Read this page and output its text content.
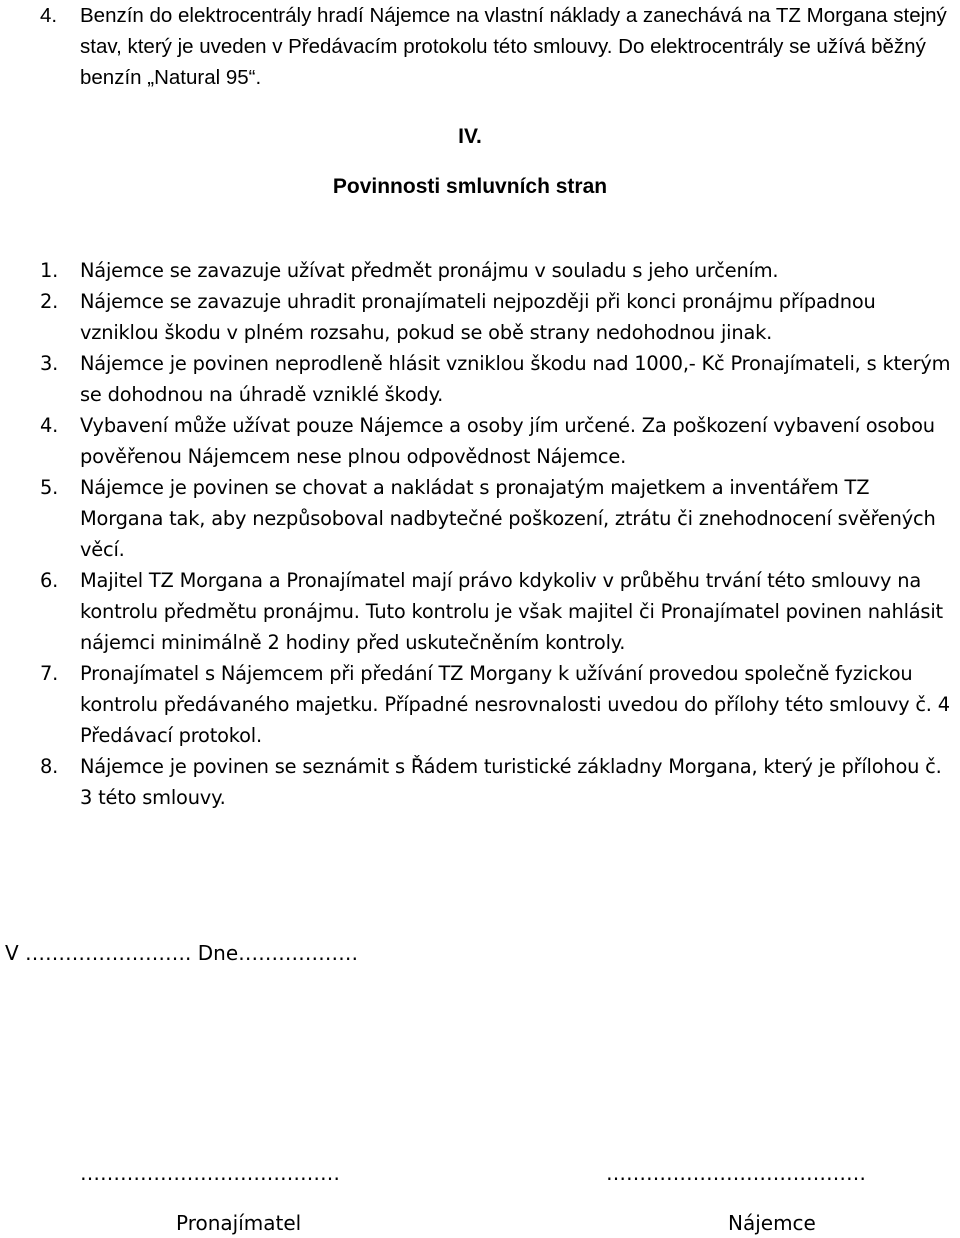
4.	Benzín do elektrocentrály hradí Nájemce na vlastní náklady a zanechává na TZ Morgana stejný stav, který je uveden v Předávacím protokolu této smlouvy. Do elektrocentrály se užívá běžný benzín „Natural 95“.
IV.
Povinnosti smluvních stran
1.	Nájemce se zavazuje užívat předmět pronájmu v souladu s jeho určením.
2.	Nájemce se zavazuje uhradit pronajímateli nejpozději při konci pronájmu případnou vzniklou škodu v plném rozsahu, pokud se obě strany nedohodnou jinak.
3.	Nájemce je povinen neprodleně hlásit vzniklou škodu nad 1000,- Kč Pronajímateli, s kterým se dohodnou na úhradě vzniklé škody.
4.	Vybavení může užívat pouze Nájemce a osoby jím určené. Za poškození vybavení osobou pověřenou Nájemcem nese plnou odpovědnost Nájemce.
5.	Nájemce je povinen se chovat a nakládat s pronajatým majetkem a inventářem TZ Morgana tak, aby nezpůsoboval nadbytečné poškození, ztrátu či znehodnocení svěřených věcí.
6.	Majitel TZ Morgana a Pronajímatel mají právo kdykoliv v průběhu trvání této smlouvy na kontrolu předmětu pronájmu. Tuto kontrolu je však majitel či Pronajímatel povinen nahlásit nájemci minimálně 2 hodiny před uskutečněním kontroly.
7.	Pronajímatel s Nájemcem při předání TZ Morgany k užívání provedou společně fyzickou kontrolu předávaného majetku. Případné nesrovnalosti uvedou do přílohy této smlouvy č. 4 Předávací protokol.
8.	Nájemce je povinen se seznámit s Řádem turistické základny Morgana, který je přílohou č. 3 této smlouvy.
V ……………………. Dne………………
…………………………………	…………………………………
Pronajímatel	Nájemce
